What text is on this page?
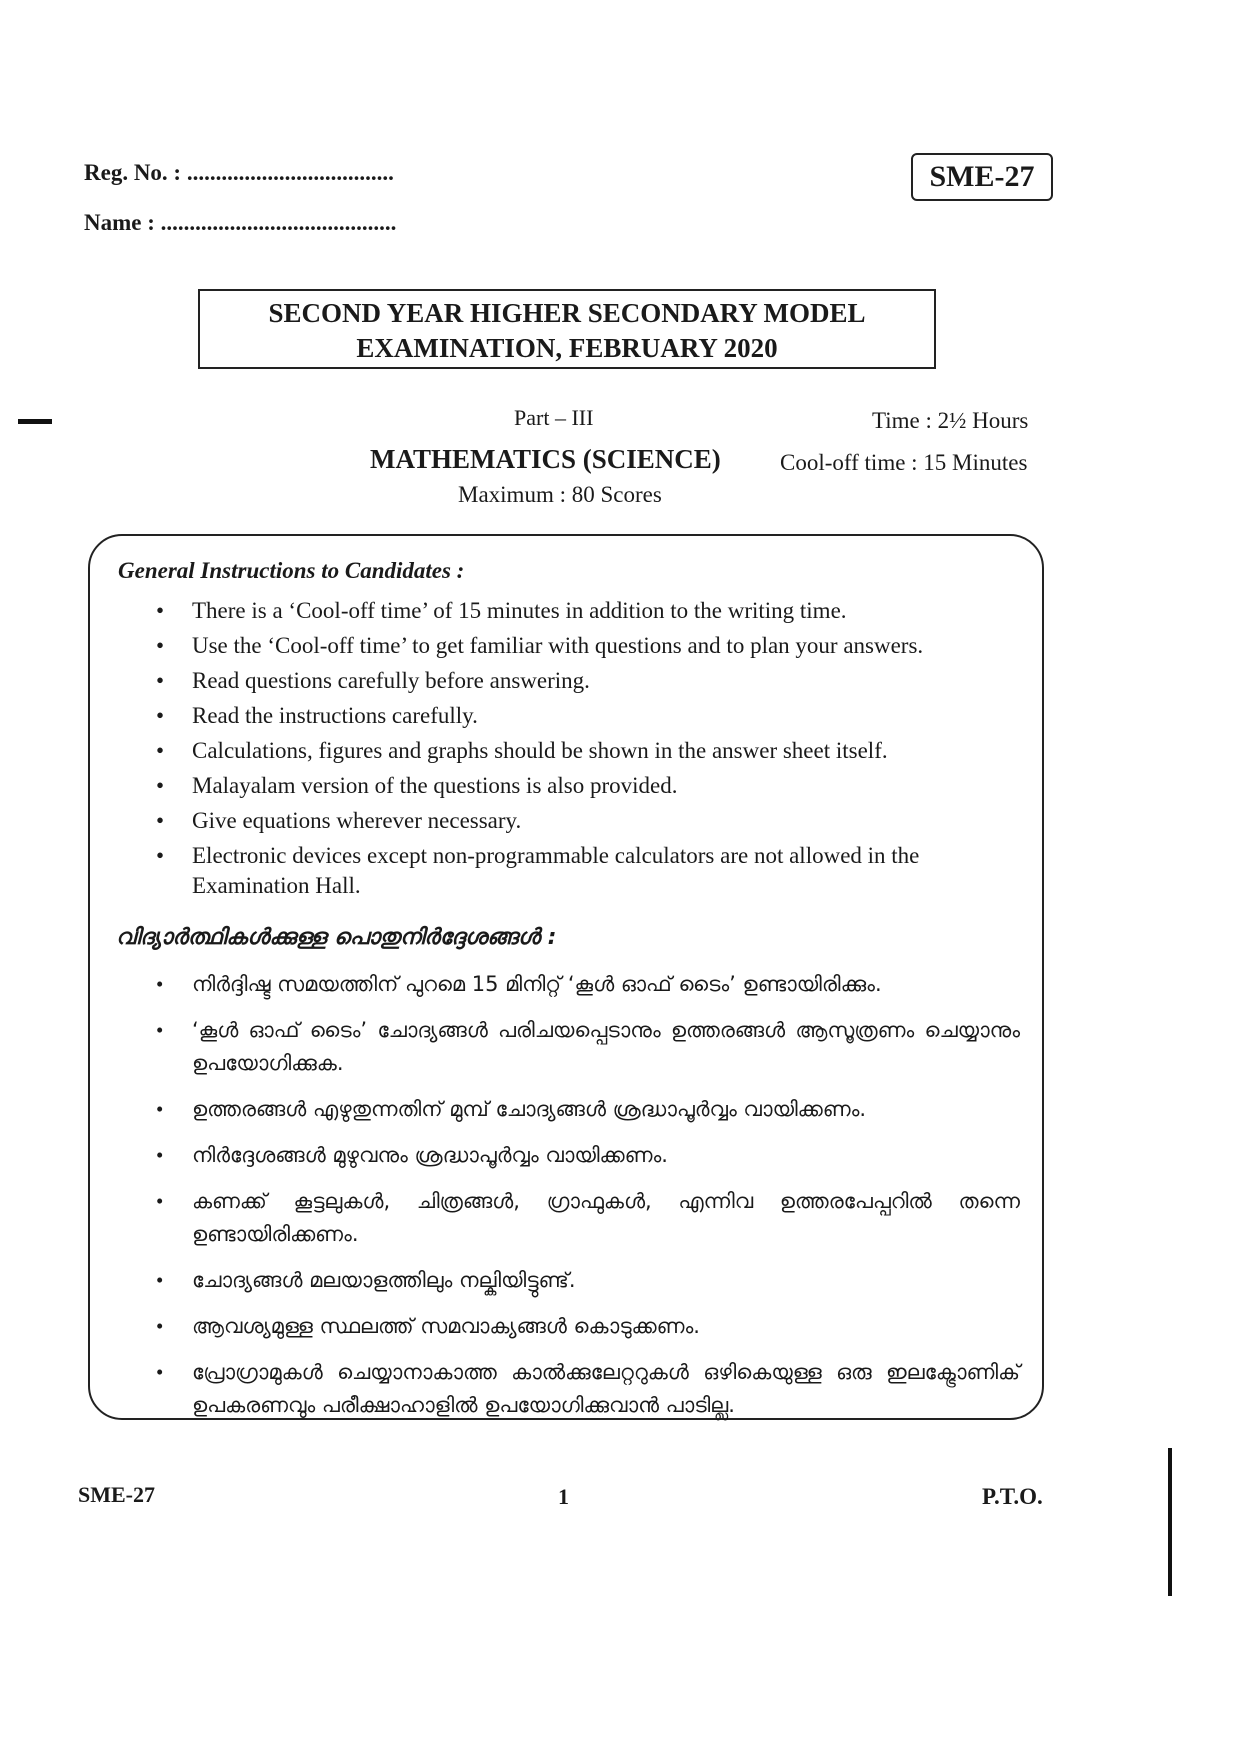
Reg. No. : ....................................
Name : .........................................
SME-27
SECOND YEAR HIGHER SECONDARY MODEL
EXAMINATION, FEBRUARY 2020
Part – III	Time : 2½ Hours
MATHEMATICS (SCIENCE)	Cool-off time : 15 Minutes
Maximum : 80 Scores
General Instructions to Candidates :
• There is a ‘Cool-off time’ of 15 minutes in addition to the writing time.
• Use the ‘Cool-off time’ to get familiar with questions and to plan your answers.
• Read questions carefully before answering.
• Read the instructions carefully.
• Calculations, figures and graphs should be shown in the answer sheet itself.
• Malayalam version of the questions is also provided.
• Give equations wherever necessary.
• Electronic devices except non-programmable calculators are not allowed in the Examination Hall.
വിദ്യാർത്ഥികൾക്കുള്ള പൊതുനിർദ്ദേശങ്ങൾ :
• നിർദ്ദിഷ്ട സമയത്തിന് പുറമെ 15 മിനിറ്റ് ‘കൂൾ ഓഫ് ടൈം’ ഉണ്ടായിരിക്കും.
• ‘കൂൾ ഓഫ് ടൈം’ ചോദ്യങ്ങൾ പരിചയപ്പെടാനും ഉത്തരങ്ങൾ ആസൂത്രണം ചെയ്യാനും ഉപയോഗിക്കുക.
• ഉത്തരങ്ങൾ എഴുതുന്നതിന് മുമ്പ് ചോദ്യങ്ങൾ ശ്രദ്ധാപൂർവ്വം വായിക്കണം.
• നിർദ്ദേശങ്ങൾ മുഴുവനും ശ്രദ്ധാപൂർവ്വം വായിക്കണം.
• കണക്ക് കൂട്ടലുകൾ, ചിത്രങ്ങൾ, ഗ്രാഫുകൾ, എന്നിവ ഉത്തരപേപ്പറിൽ തന്നെ ഉണ്ടായിരിക്കണം.
• ചോദ്യങ്ങൾ മലയാളത്തിലും നല്കിയിട്ടുണ്ട്.
• ആവശ്യമുള്ള സ്ഥലത്ത് സമവാക്യങ്ങൾ കൊടുക്കണം.
• പ്രോഗ്രാമുകൾ ചെയ്യാനാകാത്ത കാൽക്കുലേറ്ററുകൾ ഒഴികെയുള്ള ഒരു ഇലക്ട്രോണിക് ഉപകരണവും പരീക്ഷാഹാളിൽ ഉപയോഗിക്കുവാൻ പാടില്ല.
SME-27	1	P.T.O.
